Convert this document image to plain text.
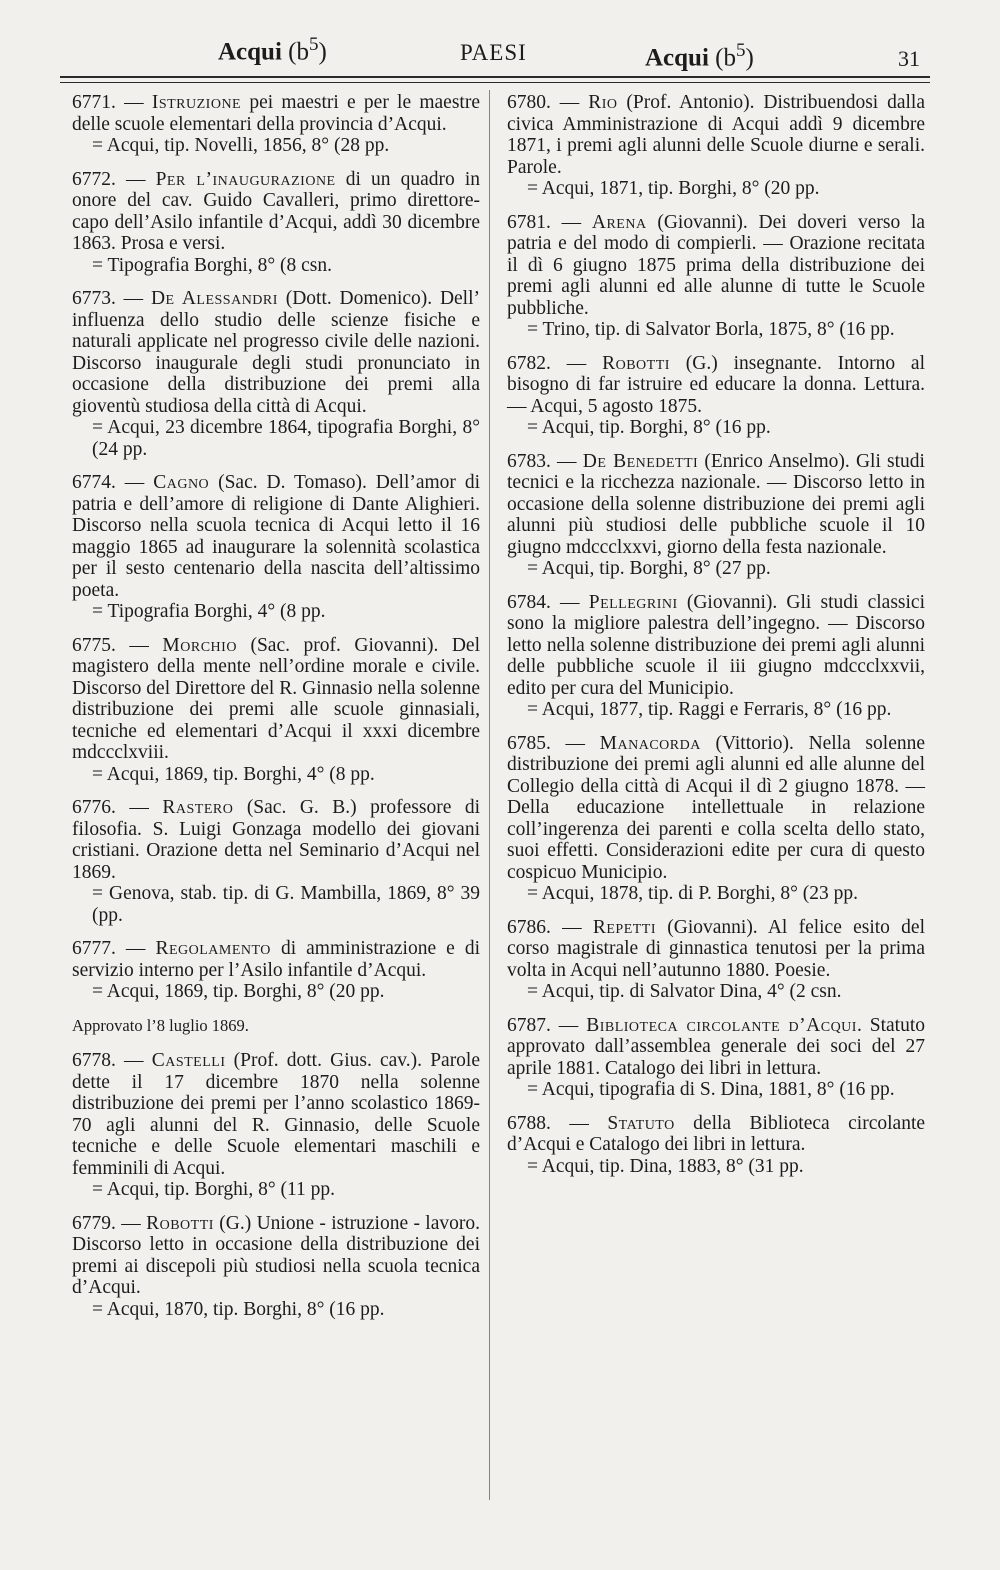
Acqui $(b^5)$	PAESI	Acqui $(b^5)$	31

6771. — Istruzione pei maestri e per le maestre delle scuole elementari della provincia d’Acqui.
= Acqui, tip. Novelli, 1856, 8° (28 pp.

6772. — Per l’inaugurazione di un quadro in onore del cav. Guido Cavalleri, primo direttore-capo dell’Asilo infantile d’Acqui, addì 30 dicembre 1863. Prosa e versi.
= Tipografia Borghi, 8° (8 csn.

6773. — De Alessandri (Dott. Domenico). Dell’ influenza dello studio delle scienze fisiche e naturali applicate nel progresso civile delle nazioni. Discorso inaugurale degli studi pronunciato in occasione della distribuzione dei premi alla gioventù studiosa della città di Acqui.
= Acqui, 23 dicembre 1864, tipografia Borghi, 8° (24 pp.

6774. — Cagno (Sac. D. Tomaso). Dell’amor di patria e dell’amore di religione di Dante Alighieri. Discorso nella scuola tecnica di Acqui letto il 16 maggio 1865 ad inaugurare la solennità scolastica per il sesto centenario della nascita dell’altissimo poeta.
= Tipografia Borghi, 4° (8 pp.

6775. — Morchio (Sac. prof. Giovanni). Del magistero della mente nell’ordine morale e civile. Discorso del Direttore del R. Ginnasio nella solenne distribuzione dei premi alle scuole ginnasiali, tecniche ed elementari d’Acqui il xxxi dicembre mdccclxviii.
= Acqui, 1869, tip. Borghi, 4° (8 pp.

6776. — Rastero (Sac. G. B.) professore di filosofia. S. Luigi Gonzaga modello dei giovani cristiani. Orazione detta nel Seminario d’Acqui nel 1869.
= Genova, stab. tip. di G. Mambilla, 1869, 8° 39 (pp.

6777. — Regolamento di amministrazione e di servizio interno per l’Asilo infantile d’Acqui.
= Acqui, 1869, tip. Borghi, 8° (20 pp.

Approvato l’8 luglio 1869.

6778. — Castelli (Prof. dott. Gius. cav.). Parole dette il 17 dicembre 1870 nella solenne distribuzione dei premi per l’anno scolastico 1869-70 agli alunni del R. Ginnasio, delle Scuole tecniche e delle Scuole elementari maschili e femminili di Acqui.
= Acqui, tip. Borghi, 8° (11 pp.

6779. — Robotti (G.) Unione - istruzione - lavoro. Discorso letto in occasione della distribuzione dei premi ai discepoli più studiosi nella scuola tecnica d’Acqui.
= Acqui, 1870, tip. Borghi, 8° (16 pp.

6780. — Rio (Prof. Antonio). Distribuendosi dalla civica Amministrazione di Acqui addì 9 dicembre 1871, i premi agli alunni delle Scuole diurne e serali. Parole.
= Acqui, 1871, tip. Borghi, 8° (20 pp.

6781. — Arena (Giovanni). Dei doveri verso la patria e del modo di compierli. — Orazione recitata il dì 6 giugno 1875 prima della distribuzione dei premi agli alunni ed alle alunne di tutte le Scuole pubbliche.
= Trino, tip. di Salvator Borla, 1875, 8° (16 pp.

6782. — Robotti (G.) insegnante. Intorno al bisogno di far istruire ed educare la donna. Lettura. — Acqui, 5 agosto 1875.
= Acqui, tip. Borghi, 8° (16 pp.

6783. — De Benedetti (Enrico Anselmo). Gli studi tecnici e la ricchezza nazionale. — Discorso letto in occasione della solenne distribuzione dei premi agli alunni più studiosi delle pubbliche scuole il 10 giugno mdccclxxvi, giorno della festa nazionale.
= Acqui, tip. Borghi, 8° (27 pp.

6784. — Pellegrini (Giovanni). Gli studi classici sono la migliore palestra dell’ingegno. — Discorso letto nella solenne distribuzione dei premi agli alunni delle pubbliche scuole il iii giugno mdccclxxvii, edito per cura del Municipio.
= Acqui, 1877, tip. Raggi e Ferraris, 8° (16 pp.

6785. — Manacorda (Vittorio). Nella solenne distribuzione dei premi agli alunni ed alle alunne del Collegio della città di Acqui il dì 2 giugno 1878. — Della educazione intellettuale in relazione coll’ingerenza dei parenti e colla scelta dello stato, suoi effetti. Considerazioni edite per cura di questo cospicuo Municipio.
= Acqui, 1878, tip. di P. Borghi, 8° (23 pp.

6786. — Repetti (Giovanni). Al felice esito del corso magistrale di ginnastica tenutosi per la prima volta in Acqui nell’autunno 1880. Poesie.
= Acqui, tip. di Salvator Dina, 4° (2 csn.

6787. — Biblioteca circolante d’Acqui. Statuto approvato dall’assemblea generale dei soci del 27 aprile 1881. Catalogo dei libri in lettura.
= Acqui, tipografia di S. Dina, 1881, 8° (16 pp.

6788. — Statuto della Biblioteca circolante d’Acqui e Catalogo dei libri in lettura.
= Acqui, tip. Dina, 1883, 8° (31 pp.
